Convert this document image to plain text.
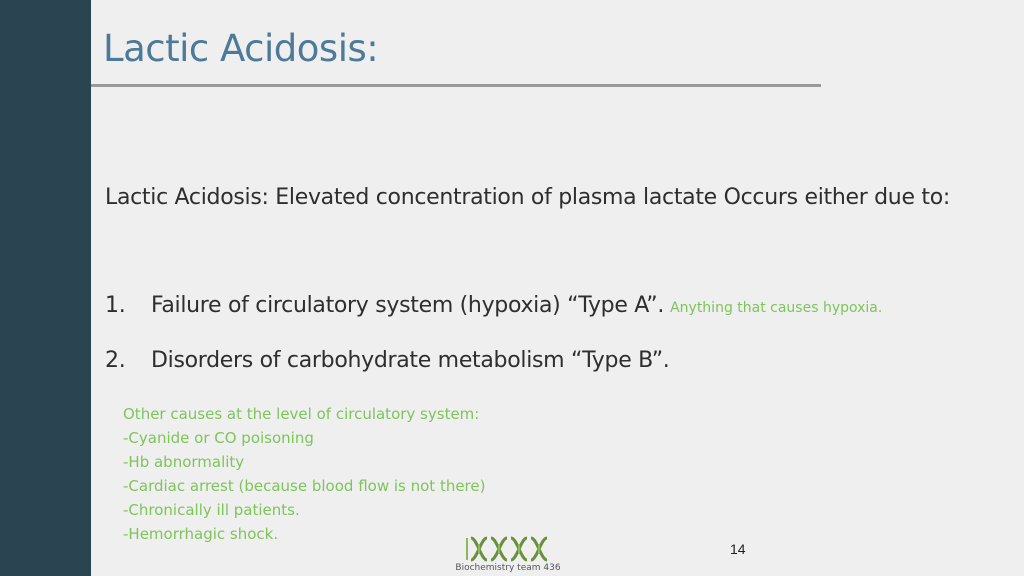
Lactic Acidosis:
Lactic Acidosis: Elevated concentration of plasma lactate Occurs either due to:
1. Failure of circulatory system (hypoxia) “Type A”. Anything that causes hypoxia.
2. Disorders of carbohydrate metabolism “Type B”.
Other causes at the level of circulatory system:
-Cyanide or CO poisoning
-Hb abnormality
-Cardiac arrest (because blood flow is not there)
-Chronically ill patients.
-Hemorrhagic shock.
Biochemistry team 436
14
